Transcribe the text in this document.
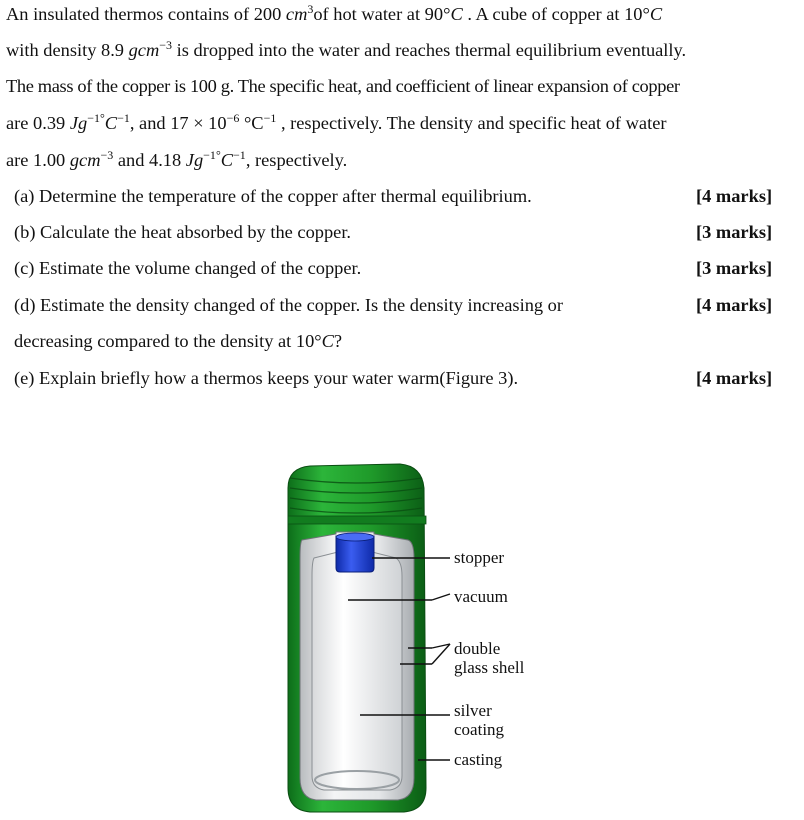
An insulated thermos contains of 200 $cm^3of$ hot water at 90°C . A cube of copper at 10°C
with density 8.9 gcm$^{-3}$ is dropped into the water and reaches thermal equilibrium eventually.
The mass of the copper is 100 g. The specific heat, and coefficient of linear expansion of copper
are 0.39 $Jg^{-1^\circ}C^{-1}$, and $17 \times 10^{-6}$ $^\circ C^{-1}$ , respectively. The density and specific heat of water
are 1.00 gcm$^{-3}$ and 4.18 $Jg^{-1^\circ}C^{-1}$, respectively.
(a) Determine the temperature of the copper after thermal equilibrium.	[4 marks]
(b) Calculate the heat absorbed by the copper.	[3 marks]
(c) Estimate the volume changed of the copper.	[3 marks]
(d) Estimate the density changed of the copper. Is the density increasing or	[4 marks]
decreasing compared to the density at 10°C?
(e) Explain briefly how a thermos keeps your water warm(Figure 3).	[4 marks]
stopper
vacuum
double
glass shell
silver
coating
casting
